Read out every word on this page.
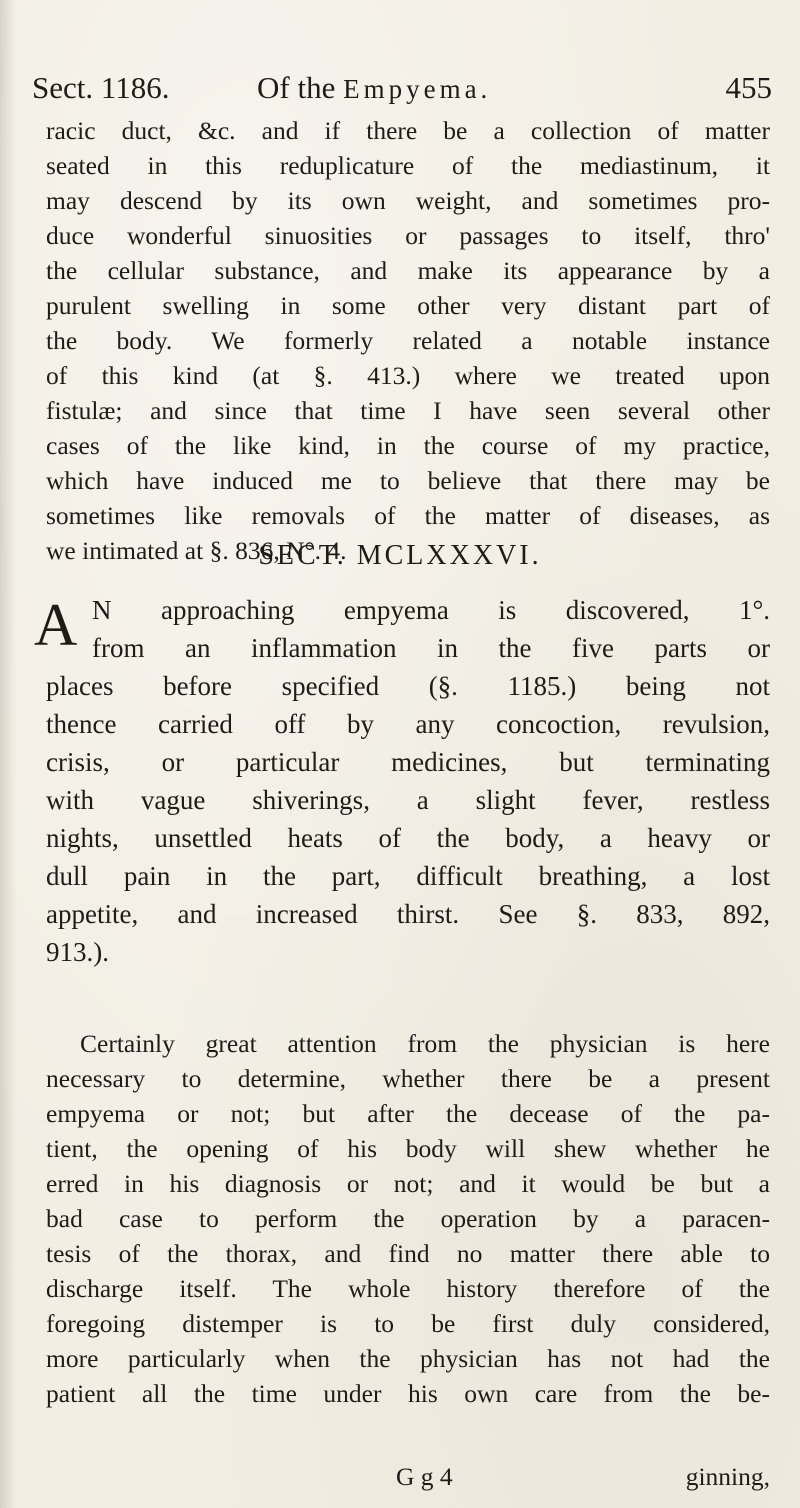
Sect. 1186.	Of the Empyema.	455
racic duct, &c. and if there be a collection of matter
seated in this reduplicature of the mediastinum, it
may descend by its own weight, and sometimes pro-
duce wonderful sinuosities or passages to itself, thro'
the cellular substance, and make its appearance by a
purulent swelling in some other very distant part of
the body. We formerly related a notable instance
of this kind (at §. 413.) where we treated upon
fistulæ; and since that time I have seen several other
cases of the like kind, in the course of my practice,
which have induced me to believe that there may be
sometimes like removals of the matter of diseases, as
we intimated at §. 836, N°. 4.
SECT. MCLXXXVI.
A N approaching empyema is discovered, 1°.
from an inflammation in the five parts or
places before specified (§. 1185.) being not
thence carried off by any concoction, revulsion,
crisis, or particular medicines, but terminating
with vague shiverings, a slight fever, restless
nights, unsettled heats of the body, a heavy or
dull pain in the part, difficult breathing, a lost
appetite, and increased thirst. See §. 833, 892,
913.).
Certainly great attention from the physician is here
necessary to determine, whether there be a present
empyema or not; but after the decease of the pa-
tient, the opening of his body will shew whether he
erred in his diagnosis or not; and it would be but a
bad case to perform the operation by a paracen-
tesis of the thorax, and find no matter there able to
discharge itself. The whole history therefore of the
foregoing distemper is to be first duly considered,
more particularly when the physician has not had the
patient all the time under his own care from the be-
G g 4	ginning,
